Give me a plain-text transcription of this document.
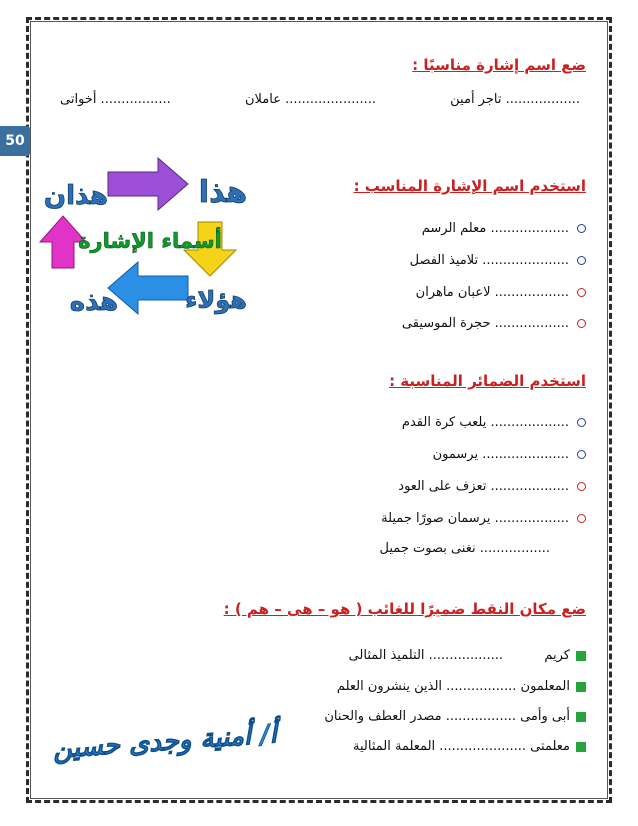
50
ضع اسم إشارة مناسبًا :
.................. تاجر أمين
...................... عاملان
................. أخواتى
استخدم اسم الإشارة المناسب :
................... معلم الرسم
..................... تلاميذ الفصل
.................. لاعبان ماهران
.................. حجرة الموسيقى
استخدم الضمائر المناسبة :
................... يلعب كرة القدم
..................... يرسمون
................... تعزف على العود
.................. يرسمان صورًا جميلة
................. نغنى بصوت جميل
ضع مكان النقط ضميرًا للغائب ( هو – هى – هم ) :
كريم          .................. التلميذ المثالى
المعلمون ................. الذين ينشرون العلم
أبى وأمى ................. مصدر العطف والحنان
معلمتى ..................... المعلمة المثالية
هذا
هذان
هؤلاء
هذه
أسماء الإشارة
أ/ أمنية وجدى حسين
